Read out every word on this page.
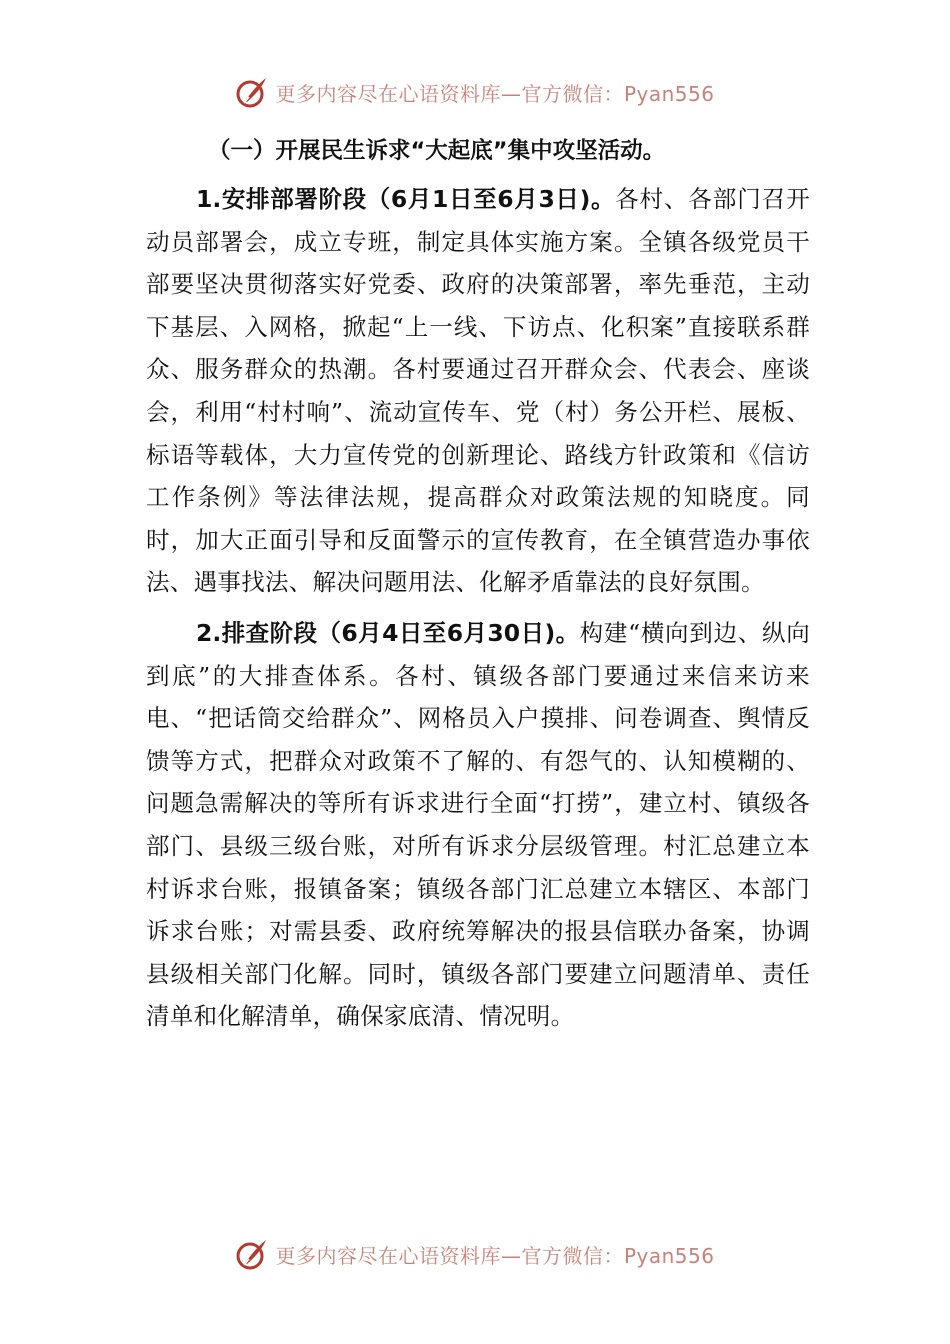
更多内容尽在心语资料库—官方微信：Pyan556
（一）开展民生诉求“大起底”集中攻坚活动。

1.安排部署阶段（6月1日至6月3日)。各村、各部门召开动员部署会，成立专班，制定具体实施方案。全镇各级党员干部要坚决贯彻落实好党委、政府的决策部署，率先垂范，主动下基层、入网格，掀起“上一线、下访点、化积案”直接联系群众、服务群众的热潮。各村要通过召开群众会、代表会、座谈会，利用“村村响”、流动宣传车、党（村）务公开栏、展板、标语等载体，大力宣传党的创新理论、路线方针政策和《信访工作条例》等法律法规，提高群众对政策法规的知晓度。同时，加大正面引导和反面警示的宣传教育，在全镇营造办事依法、遇事找法、解决问题用法、化解矛盾靠法的良好氛围。

2.排查阶段（6月4日至6月30日)。构建“横向到边、纵向到底”的大排查体系。各村、镇级各部门要通过来信来访来电、“把话筒交给群众”、网格员入户摸排、问卷调查、舆情反馈等方式，把群众对政策不了解的、有怨气的、认知模糊的、问题急需解决的等所有诉求进行全面“打捞”，建立村、镇级各部门、县级三级台账，对所有诉求分层级管理。村汇总建立本村诉求台账，报镇备案；镇级各部门汇总建立本辖区、本部门诉求台账；对需县委、政府统筹解决的报县信联办备案，协调县级相关部门化解。同时，镇级各部门要建立问题清单、责任清单和化解清单，确保家底清、情况明。

更多内容尽在心语资料库—官方微信：Pyan556
